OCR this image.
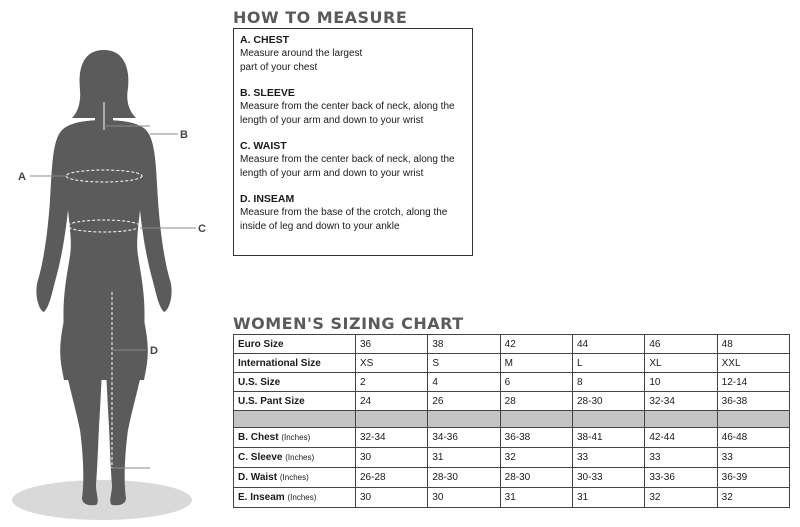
A
B
C
D
HOW TO MEASURE
A. CHEST
Measure around the largest
part of your chest
B. SLEEVE
Measure from the center back of neck, along the
length of your arm and down to your wrist
C. WAIST
Measure from the center back of neck, along the
length of your arm and down to your wrist
D. INSEAM
Measure from the base of the crotch, along the
inside of leg and down to your ankle
WOMEN'S SIZING CHART
Euro Size	36	38	42	44	46	48
International Size	XS	S	M	L	XL	XXL
U.S. Size	2	4	6	8	10	12-14
U.S. Pant Size	24	26	28	28-30	32-34	36-38

B. Chest (Inches)	32-34	34-36	36-38	38-41	42-44	46-48
C. Sleeve (Inches)	30	31	32	33	33	33
D. Waist (Inches)	26-28	28-30	28-30	30-33	33-36	36-39
E. Inseam (Inches)	30	30	31	31	32	32
